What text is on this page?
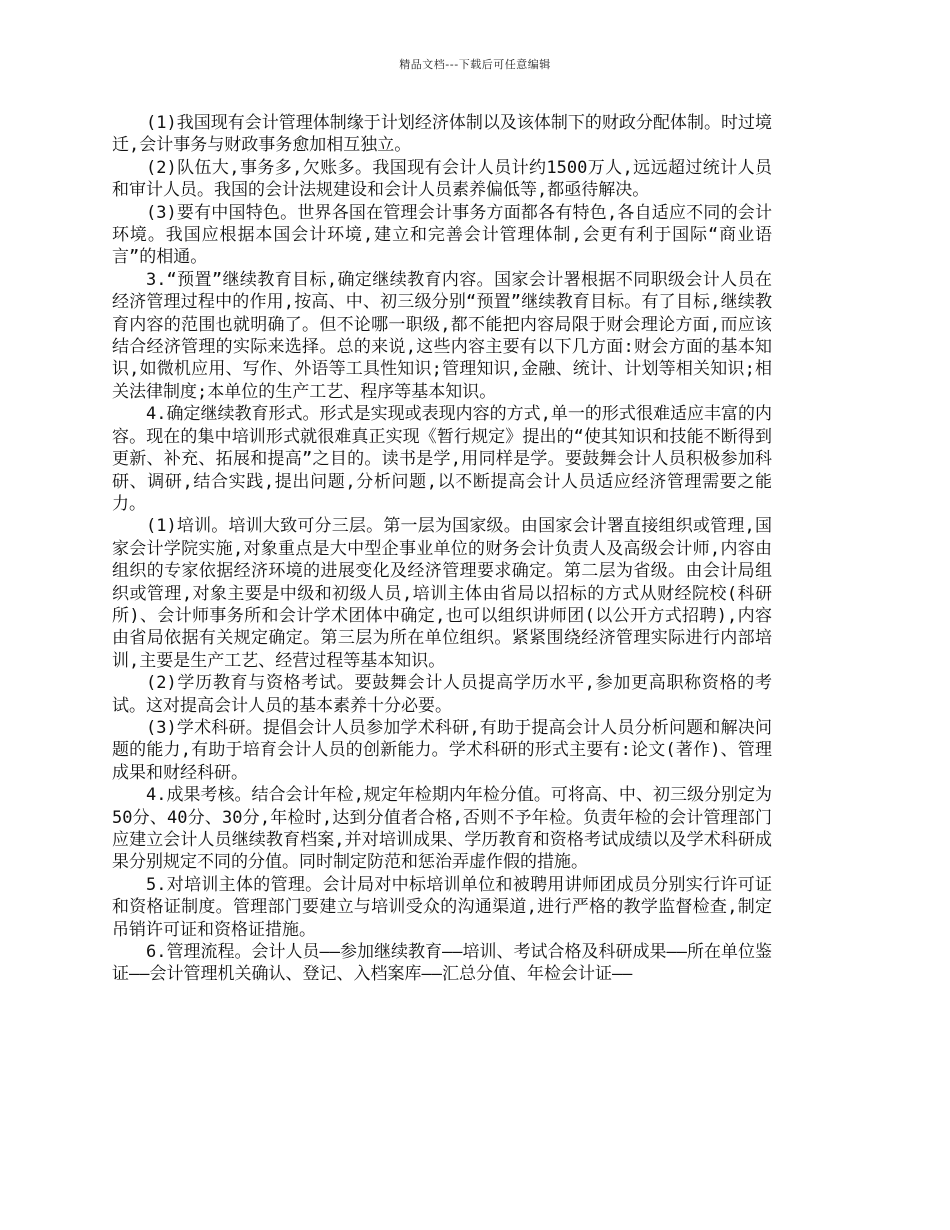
精品文档---下载后可任意编辑

(1)我国现有会计管理体制缘于计划经济体制以及该体制下的财政分配体制。时过境迁,会计事务与财政事务愈加相互独立。

(2)队伍大,事务多,欠账多。我国现有会计人员计约1500万人,远远超过统计人员和审计人员。我国的会计法规建设和会计人员素养偏低等,都亟待解决。

(3)要有中国特色。世界各国在管理会计事务方面都各有特色,各自适应不同的会计环境。我国应根据本国会计环境,建立和完善会计管理体制,会更有利于国际“商业语言”的相通。

3.“预置”继续教育目标,确定继续教育内容。国家会计署根据不同职级会计人员在经济管理过程中的作用,按高、中、初三级分别“预置”继续教育目标。有了目标,继续教育内容的范围也就明确了。但不论哪一职级,都不能把内容局限于财会理论方面,而应该结合经济管理的实际来选择。总的来说,这些内容主要有以下几方面:财会方面的基本知识,如微机应用、写作、外语等工具性知识;管理知识,金融、统计、计划等相关知识;相关法律制度;本单位的生产工艺、程序等基本知识。

4.确定继续教育形式。形式是实现或表现内容的方式,单一的形式很难适应丰富的内容。现在的集中培训形式就很难真正实现《暂行规定》提出的“使其知识和技能不断得到更新、补充、拓展和提高”之目的。读书是学,用同样是学。要鼓舞会计人员积极参加科研、调研,结合实践,提出问题,分析问题,以不断提高会计人员适应经济管理需要之能力。

(1)培训。培训大致可分三层。第一层为国家级。由国家会计署直接组织或管理,国家会计学院实施,对象重点是大中型企事业单位的财务会计负责人及高级会计师,内容由组织的专家依据经济环境的进展变化及经济管理要求确定。第二层为省级。由会计局组织或管理,对象主要是中级和初级人员,培训主体由省局以招标的方式从财经院校(科研所)、会计师事务所和会计学术团体中确定,也可以组织讲师团(以公开方式招聘),内容由省局依据有关规定确定。第三层为所在单位组织。紧紧围绕经济管理实际进行内部培训,主要是生产工艺、经营过程等基本知识。

(2)学历教育与资格考试。要鼓舞会计人员提高学历水平,参加更高职称资格的考试。这对提高会计人员的基本素养十分必要。

(3)学术科研。提倡会计人员参加学术科研,有助于提高会计人员分析问题和解决问题的能力,有助于培育会计人员的创新能力。学术科研的形式主要有:论文(著作)、管理成果和财经科研。

4.成果考核。结合会计年检,规定年检期内年检分值。可将高、中、初三级分别定为50分、40分、30分,年检时,达到分值者合格,否则不予年检。负责年检的会计管理部门应建立会计人员继续教育档案,并对培训成果、学历教育和资格考试成绩以及学术科研成果分别规定不同的分值。同时制定防范和惩治弄虚作假的措施。

5.对培训主体的管理。会计局对中标培训单位和被聘用讲师团成员分别实行许可证和资格证制度。管理部门要建立与培训受众的沟通渠道,进行严格的教学监督检查,制定吊销许可证和资格证措施。

6.管理流程。会计人员——参加继续教育——培训、考试合格及科研成果——所在单位鉴证——会计管理机关确认、登记、入档案库——汇总分值、年检会计证——
